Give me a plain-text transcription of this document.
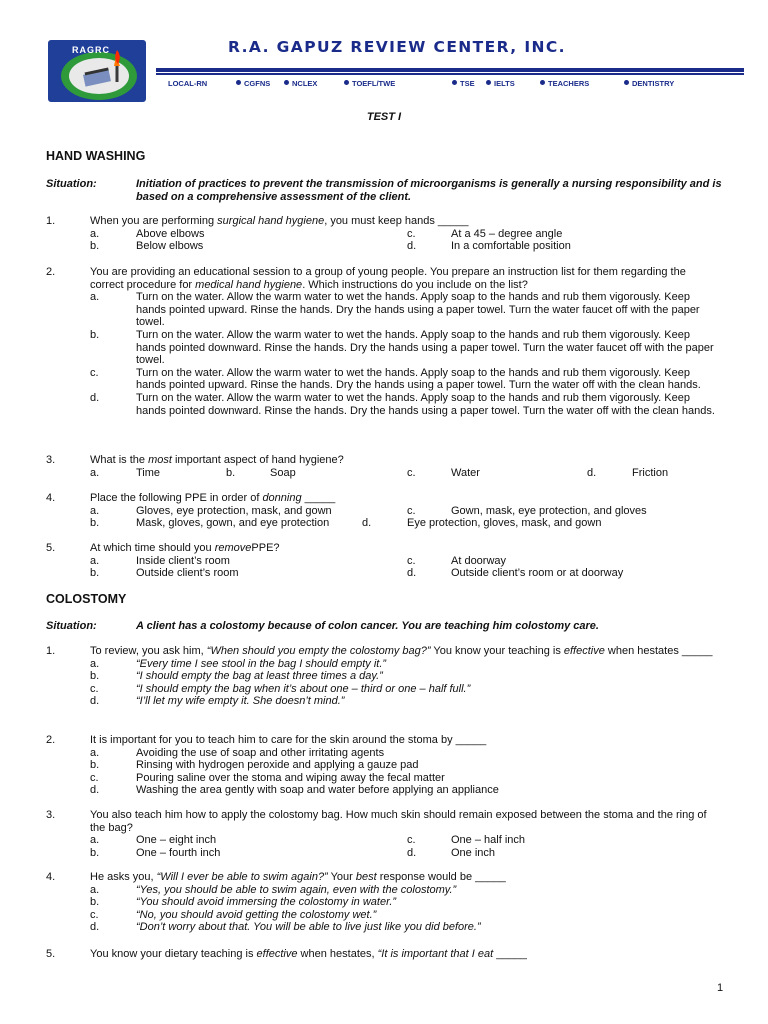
RAGRC	R.A. GAPUZ REVIEW CENTER, INC.
LOCAL-RN	CGFNS	NCLEX	TOEFL/TWE	TSE	IELTS	TEACHERS	DENTISTRY
TEST I
HAND WASHING
Situation:	Initiation of practices to prevent the transmission of microorganisms is generally a nursing responsibility and is based on a comprehensive assessment of the client.
1.	When you are performing surgical hand hygiene, you must keep hands _____
a.	Above elbows	c.	At a 45 – degree angle
b.	Below elbows	d.	In a comfortable position
2.	You are providing an educational session to a group of young people. You prepare an instruction list for them regarding the correct procedure for medical hand hygiene. Which instructions do you include on the list?
a.	Turn on the water. Allow the warm water to wet the hands. Apply soap to the hands and rub them vigorously. Keep hands pointed upward. Rinse the hands. Dry the hands using a paper towel. Turn the water faucet off with the paper towel.
b.	Turn on the water. Allow the warm water to wet the hands. Apply soap to the hands and rub them vigorously. Keep hands pointed downward. Rinse the hands. Dry the hands using a paper towel. Turn the water faucet off with the paper towel.
c.	Turn on the water. Allow the warm water to wet the hands. Apply soap to the hands and rub them vigorously. Keep hands pointed upward. Rinse the hands. Dry the hands using a paper towel. Turn the water off with the clean hands.
d.	Turn on the water. Allow the warm water to wet the hands. Apply soap to the hands and rub them vigorously. Keep hands pointed downward. Rinse the hands. Dry the hands using a paper towel. Turn the water off with the clean hands.
3.	What is the most important aspect of hand hygiene?
a.	Time	b.	Soap	c.	Water	d.	Friction
4.	Place the following PPE in order of donning _____
a.	Gloves, eye protection, mask, and gown	c.	Gown, mask, eye protection, and gloves
b.	Mask, gloves, gown, and eye protection	d.	Eye protection, gloves, mask, and gown
5.	At which time should you removePPE?
a.	Inside client’s room	c.	At doorway
b.	Outside client’s room	d.	Outside client’s room or at doorway
COLOSTOMY
Situation:	A client has a colostomy because of colon cancer. You are teaching him colostomy care.
1.	To review, you ask him, “When should you empty the colostomy bag?” You know your teaching is effective when hestates _____
a.	“Every time I see stool in the bag I should empty it.”
b.	“I should empty the bag at least three times a day.”
c.	“I should empty the bag when it’s about one – third or one – half full.”
d.	“I’ll let my wife empty it. She doesn’t mind.”
2.	It is important for you to teach him to care for the skin around the stoma by _____
a.	Avoiding the use of soap and other irritating agents
b.	Rinsing with hydrogen peroxide and applying a gauze pad
c.	Pouring saline over the stoma and wiping away the fecal matter
d.	Washing the area gently with soap and water before applying an appliance
3.	You also teach him how to apply the colostomy bag. How much skin should remain exposed between the stoma and the ring of the bag?
a.	One – eight inch	c.	One – half inch
b.	One – fourth inch	d.	One inch
4.	He asks you, “Will I ever be able to swim again?” Your best response would be _____
a.	“Yes, you should be able to swim again, even with the colostomy.”
b.	“You should avoid immersing the colostomy in water.”
c.	“No, you should avoid getting the colostomy wet.”
d.	“Don’t worry about that. You will be able to live just like you did before.”
5.	You know your dietary teaching is effective when hestates, “It is important that I eat _____
1
